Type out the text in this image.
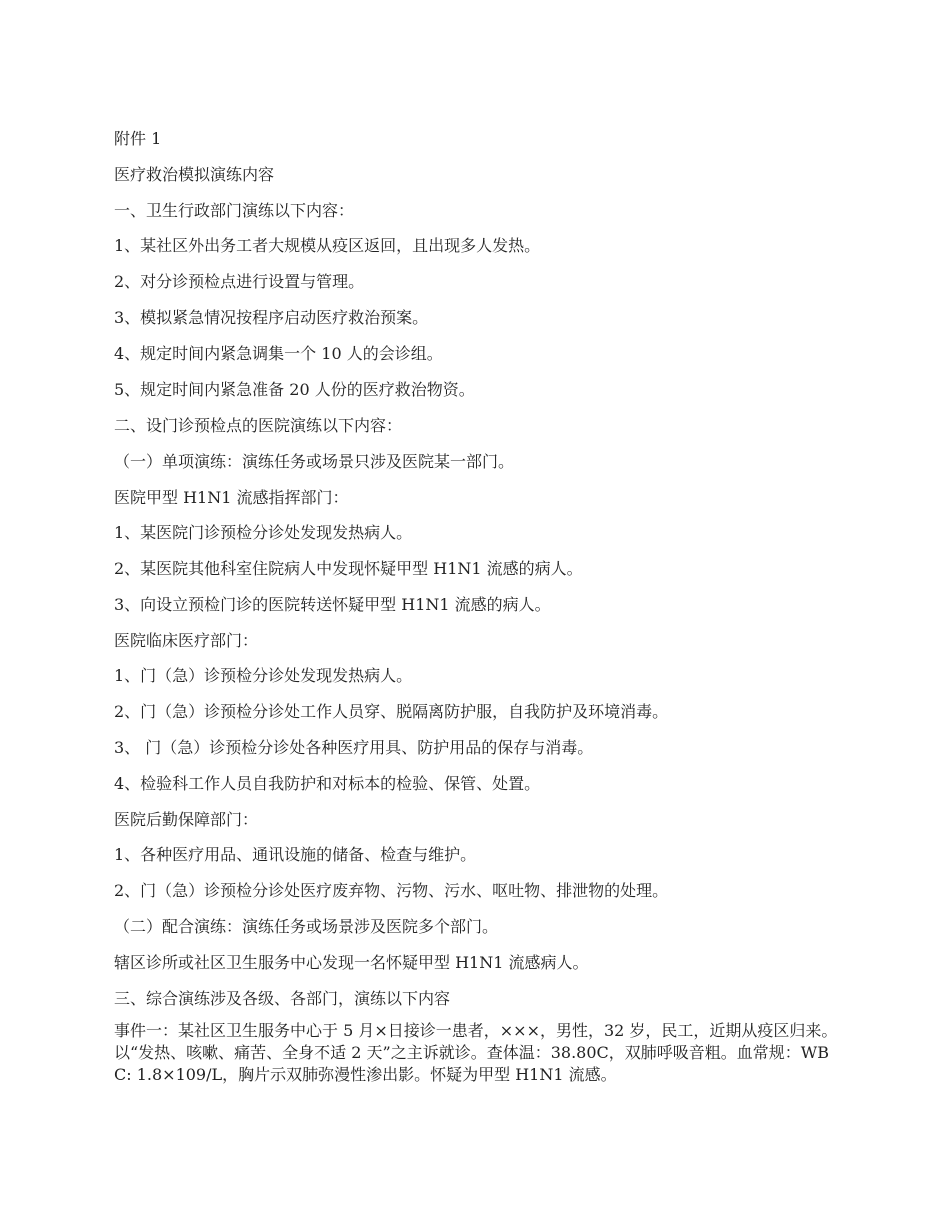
附件 1
医疗救治模拟演练内容
一、卫生行政部门演练以下内容：
1、某社区外出务工者大规模从疫区返回，且出现多人发热。
2、对分诊预检点进行设置与管理。
3、模拟紧急情况按程序启动医疗救治预案。
4、规定时间内紧急调集一个 10 人的会诊组。
5、规定时间内紧急准备 20 人份的医疗救治物资。
二、设门诊预检点的医院演练以下内容：
（一）单项演练：演练任务或场景只涉及医院某一部门。
医院甲型 H1N1 流感指挥部门：
1、某医院门诊预检分诊处发现发热病人。
2、某医院其他科室住院病人中发现怀疑甲型 H1N1 流感的病人。
3、向设立预检门诊的医院转送怀疑甲型 H1N1 流感的病人。
医院临床医疗部门：
1、门（急）诊预检分诊处发现发热病人。
2、门（急）诊预检分诊处工作人员穿、脱隔离防护服，自我防护及环境消毒。
3、 门（急）诊预检分诊处各种医疗用具、防护用品的保存与消毒。
4、检验科工作人员自我防护和对标本的检验、保管、处置。
医院后勤保障部门：
1、各种医疗用品、通讯设施的储备、检查与维护。
2、门（急）诊预检分诊处医疗废弃物、污物、污水、呕吐物、排泄物的处理。
（二）配合演练：演练任务或场景涉及医院多个部门。
辖区诊所或社区卫生服务中心发现一名怀疑甲型 H1N1 流感病人。
三、综合演练涉及各级、各部门，演练以下内容
事件一：某社区卫生服务中心于 5 月×日接诊一患者，×××，男性，32 岁，民工，近期从疫区归来。以“发热、咳嗽、痛苦、全身不适 2 天”之主诉就诊。查体温：38.80C，双肺呼吸音粗。血常规：WBC: 1.8×109/L，胸片示双肺弥漫性渗出影。怀疑为甲型 H1N1 流感。
